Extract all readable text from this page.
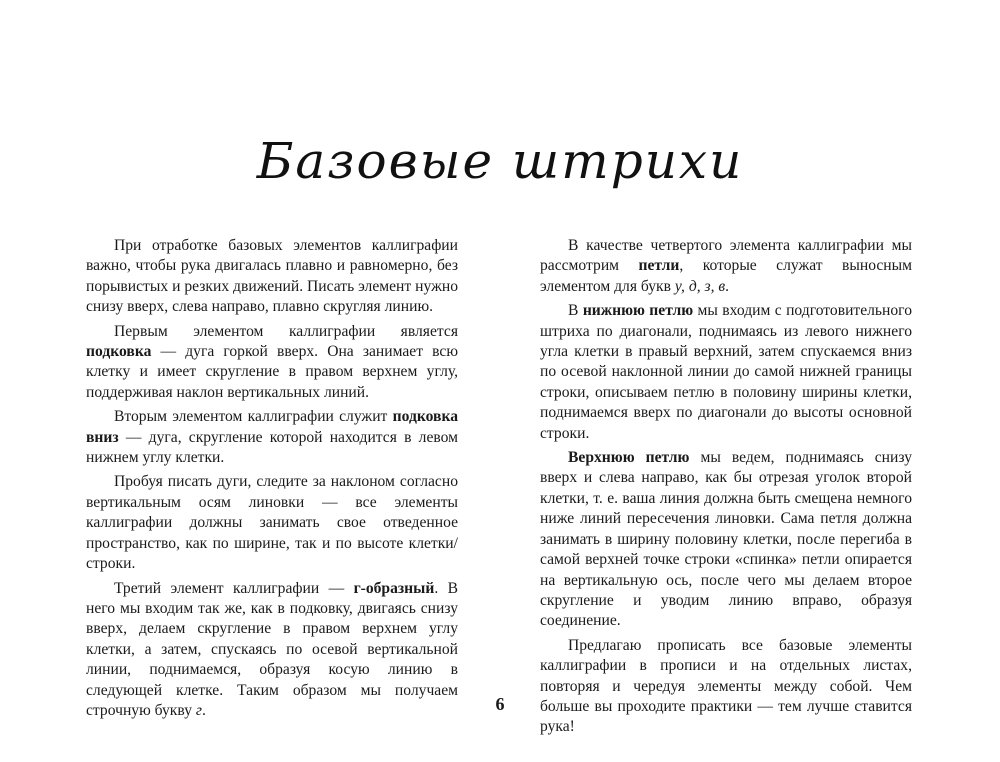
Базовые штрихи

При отработке базовых элементов каллиграфии важно, чтобы рука двигалась плавно и равномерно, без порывистых и резких движений. Писать элемент нужно снизу вверх, слева направо, плавно скругляя линию.

Первым элементом каллиграфии является подковка — дуга горкой вверх. Она занимает всю клетку и имеет скругление в правом верхнем углу, поддерживая наклон вертикальных линий.

Вторым элементом каллиграфии служит подковка вниз — дуга, скругление которой находится в левом нижнем углу клетки.

Пробуя писать дуги, следите за наклоном согласно вертикальным осям линовки — все элементы каллиграфии должны занимать свое отведенное пространство, как по ширине, так и по высоте клетки/строки.

Третий элемент каллиграфии — г-образный. В него мы входим так же, как в подковку, двигаясь снизу вверх, делаем скругление в правом верхнем углу клетки, а затем, спускаясь по осевой вертикальной линии, поднимаемся, образуя косую линию в следующей клетке. Таким образом мы получаем строчную букву г.

В качестве четвертого элемента каллиграфии мы рассмотрим петли, которые служат выносным элементом для букв у, д, з, в.

В нижнюю петлю мы входим с подготовительного штриха по диагонали, поднимаясь из левого нижнего угла клетки в правый верхний, затем спускаемся вниз по осевой наклонной линии до самой нижней границы строки, описываем петлю в половину ширины клетки, поднимаемся вверх по диагонали до высоты основной строки.

Верхнюю петлю мы ведем, поднимаясь снизу вверх и слева направо, как бы отрезая уголок второй клетки, т. е. ваша линия должна быть смещена немного ниже линий пересечения линовки. Сама петля должна занимать в ширину половину клетки, после перегиба в самой верхней точке строки «спинка» петли опирается на вертикальную ось, после чего мы делаем второе скругление и уводим линию вправо, образуя соединение.

Предлагаю прописать все базовые элементы каллиграфии в прописи и на отдельных листах, повторяя и чередуя элементы между собой. Чем больше вы проходите практики — тем лучше ставится рука!

6
